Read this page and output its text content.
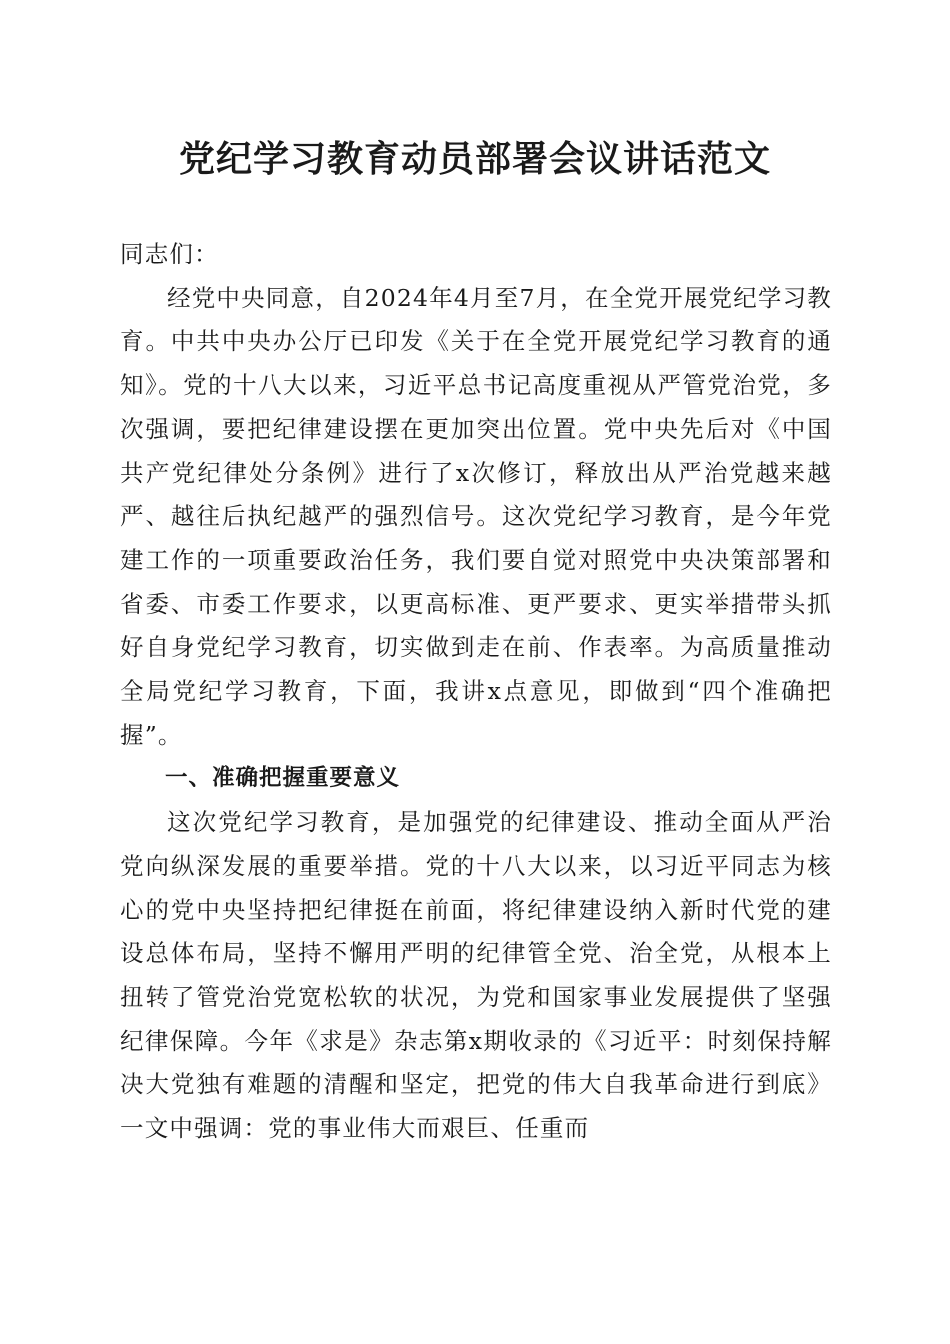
党纪学习教育动员部署会议讲话范文

同志们：

经党中央同意，自2024年4月至7月，在全党开展党纪学习教育。中共中央办公厅已印发《关于在全党开展党纪学习教育的通知》。党的十八大以来，习近平总书记高度重视从严管党治党，多次强调，要把纪律建设摆在更加突出位置。党中央先后对《中国共产党纪律处分条例》进行了x次修订，释放出从严治党越来越严、越往后执纪越严的强烈信号。这次党纪学习教育，是今年党建工作的一项重要政治任务，我们要自觉对照党中央决策部署和省委、市委工作要求，以更高标准、更严要求、更实举措带头抓好自身党纪学习教育，切实做到走在前、作表率。为高质量推动全局党纪学习教育，下面，我讲x点意见，即做到“四个准确把握”。

一、准确把握重要意义

这次党纪学习教育，是加强党的纪律建设、推动全面从严治党向纵深发展的重要举措。党的十八大以来，以习近平同志为核心的党中央坚持把纪律挺在前面，将纪律建设纳入新时代党的建设总体布局，坚持不懈用严明的纪律管全党、治全党，从根本上扭转了管党治党宽松软的状况，为党和国家事业发展提供了坚强纪律保障。今年《求是》杂志第x期收录的《习近平：时刻保持解决大党独有难题的清醒和坚定，把党的伟大自我革命进行到底》一文中强调：党的事业伟大而艰巨、任重而
